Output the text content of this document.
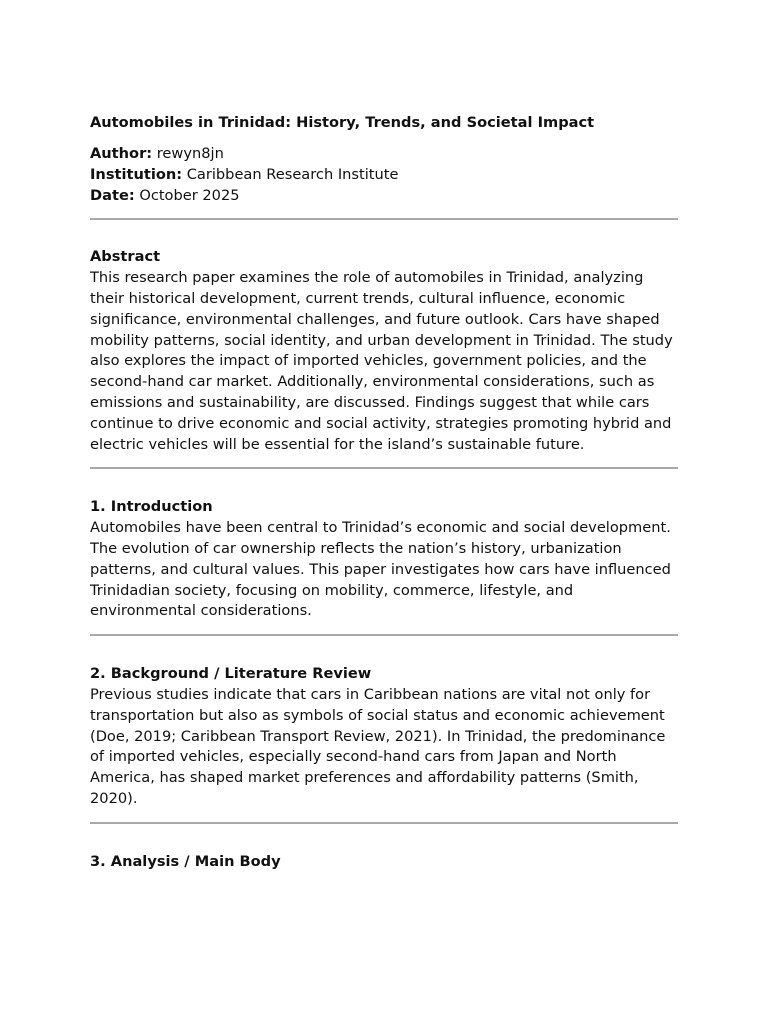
Automobiles in Trinidad: History, Trends, and Societal Impact
Author: rewyn8jn
Institution: Caribbean Research Institute
Date: October 2025
Abstract
This research paper examines the role of automobiles in Trinidad, analyzing their historical development, current trends, cultural influence, economic significance, environmental challenges, and future outlook. Cars have shaped mobility patterns, social identity, and urban development in Trinidad. The study also explores the impact of imported vehicles, government policies, and the second-hand car market. Additionally, environmental considerations, such as emissions and sustainability, are discussed. Findings suggest that while cars continue to drive economic and social activity, strategies promoting hybrid and electric vehicles will be essential for the island’s sustainable future.
1. Introduction
Automobiles have been central to Trinidad’s economic and social development. The evolution of car ownership reflects the nation’s history, urbanization patterns, and cultural values. This paper investigates how cars have influenced Trinidadian society, focusing on mobility, commerce, lifestyle, and environmental considerations.
2. Background / Literature Review
Previous studies indicate that cars in Caribbean nations are vital not only for transportation but also as symbols of social status and economic achievement (Doe, 2019; Caribbean Transport Review, 2021). In Trinidad, the predominance of imported vehicles, especially second-hand cars from Japan and North America, has shaped market preferences and affordability patterns (Smith, 2020).
3. Analysis / Main Body
